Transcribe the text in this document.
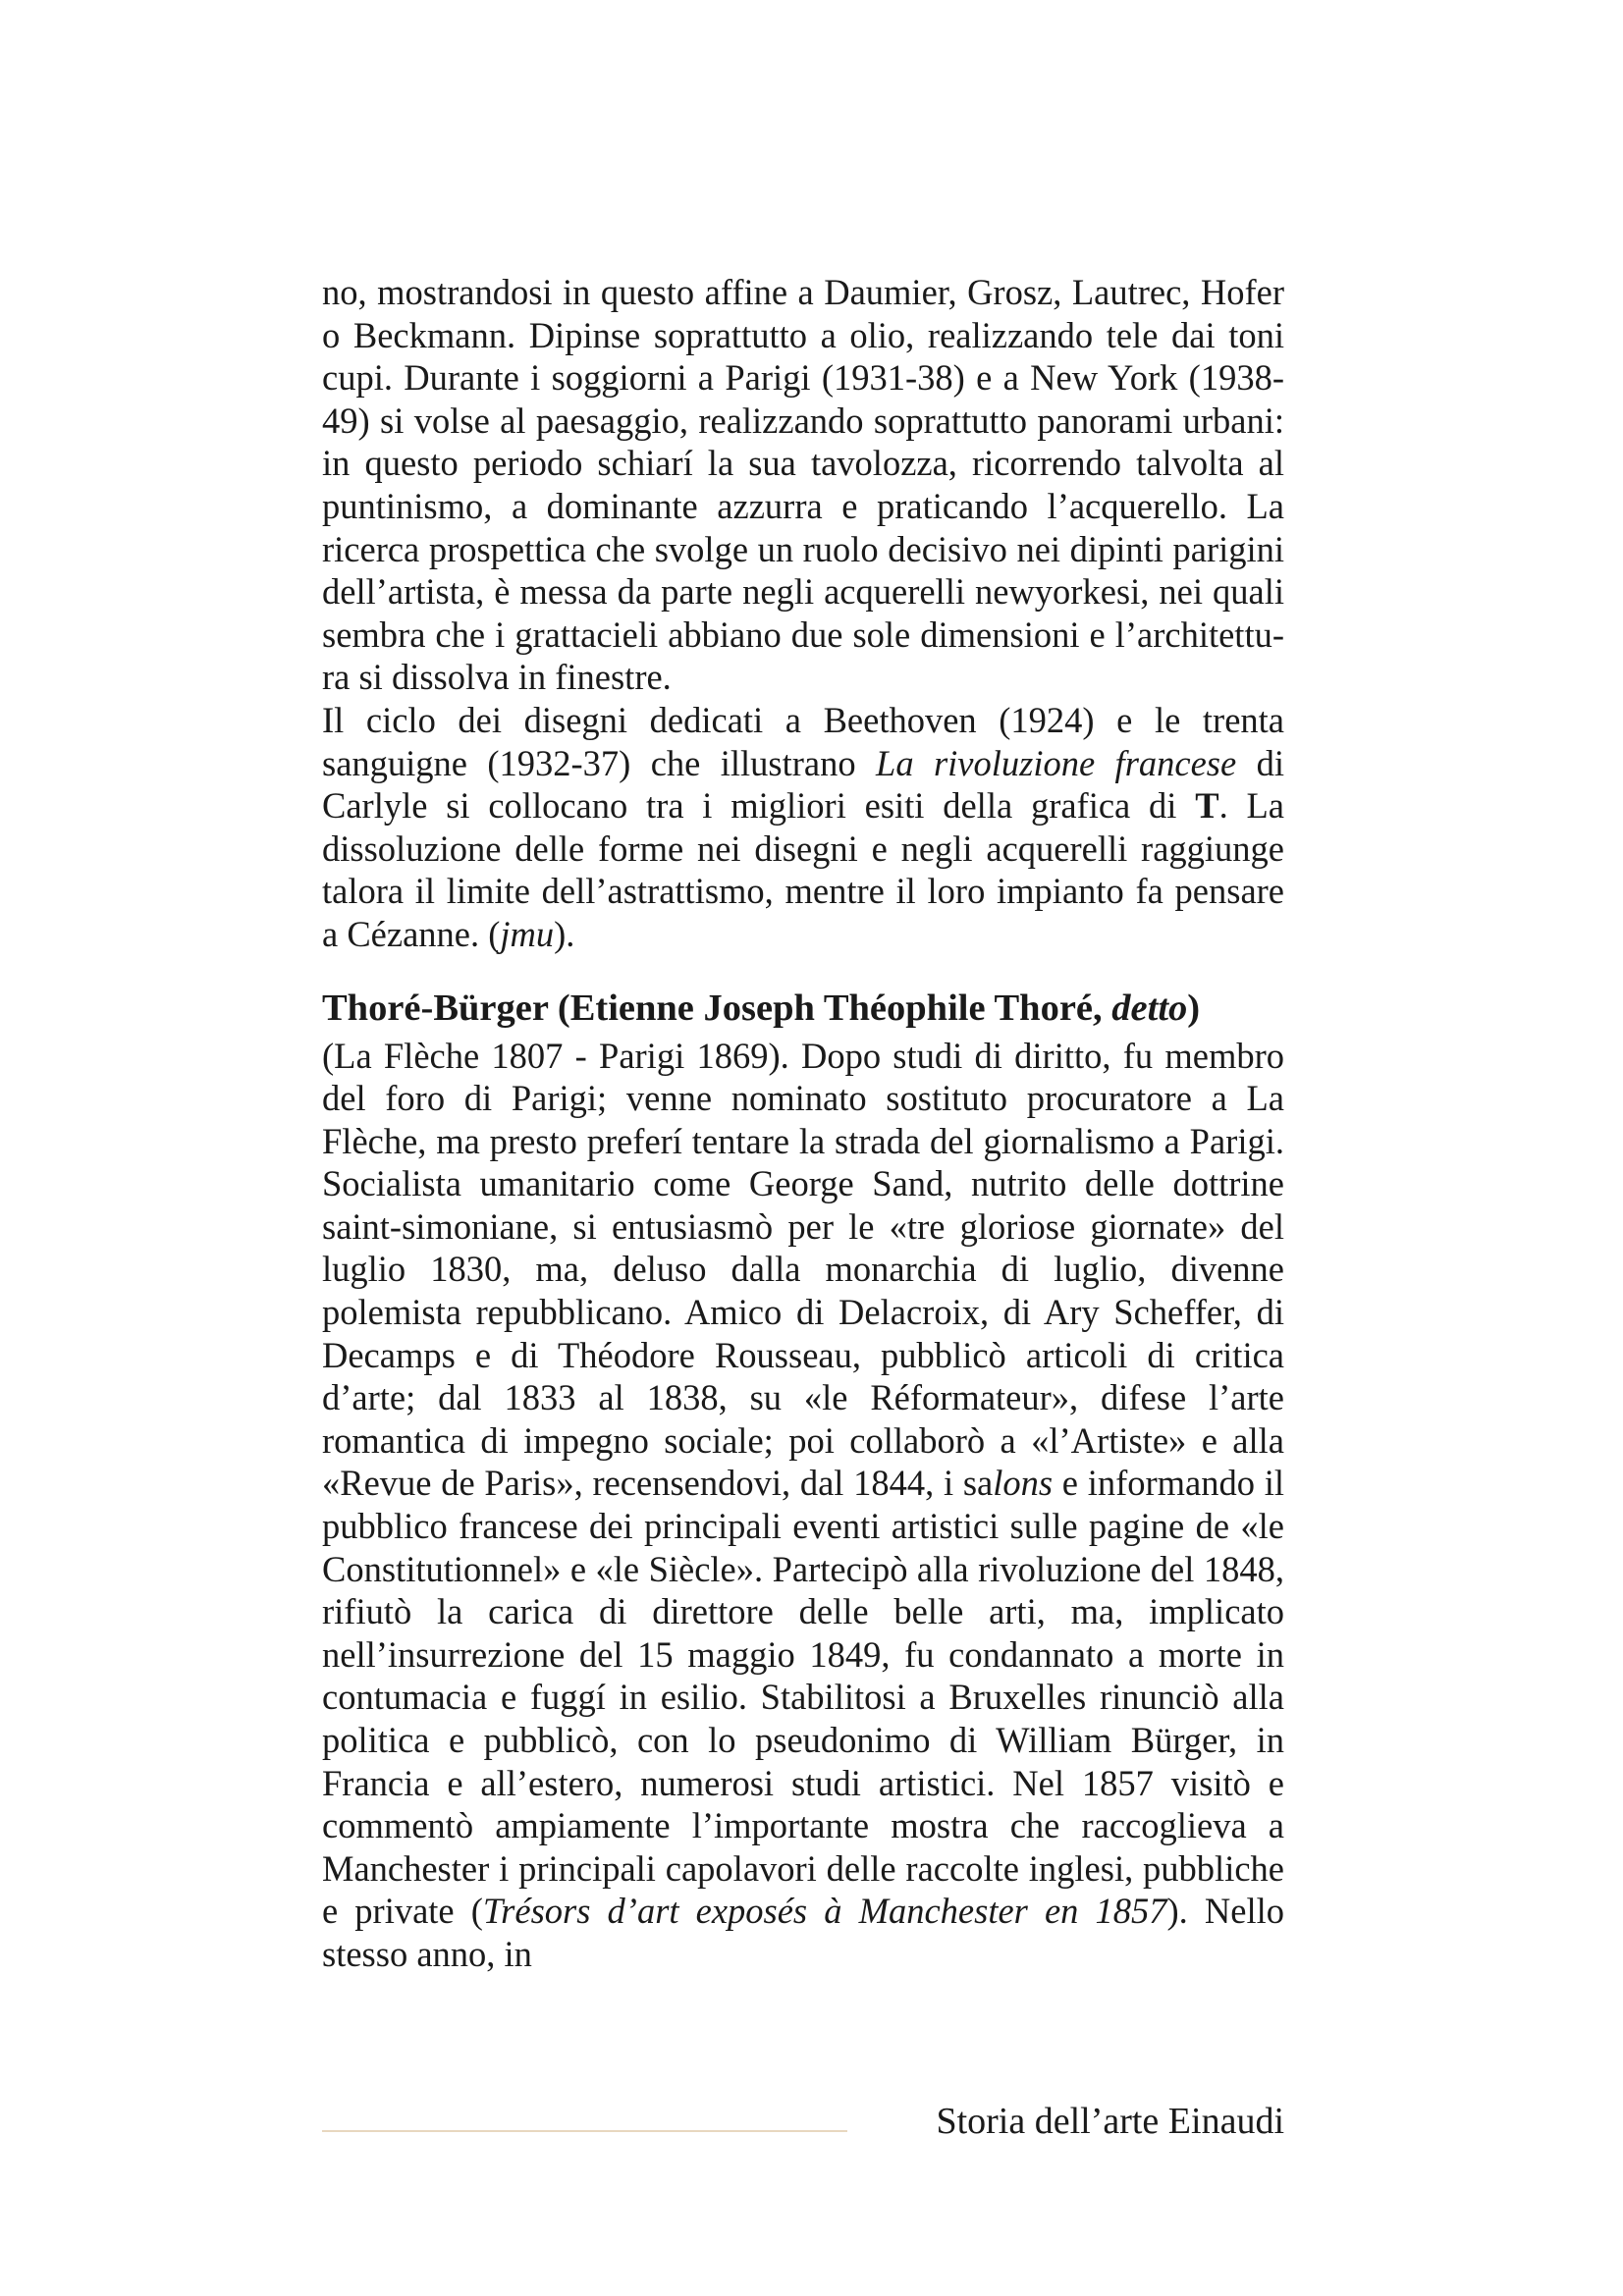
no, mostrandosi in questo affine a Daumier, Grosz, Lautrec, Hofer o Beckmann. Dipinse soprattutto a olio, realizzando tele dai toni cupi. Durante i soggiorni a Parigi (1931-38) e a New York (1938-49) si volse al paesaggio, realizzando soprattutto panorami urbani: in questo periodo schiarí la sua tavolozza, ricorrendo talvolta al puntinismo, a dominante azzurra e praticando l’acquerello. La ricerca prospettica che svolge un ruolo decisivo nei dipinti parigini dell’artista, è messa da parte negli acquerelli newyorkesi, nei quali sembra che i grattacieli abbiano due sole dimensioni e l’architettura si dissolva in finestre.

Il ciclo dei disegni dedicati a Beethoven (1924) e le trenta sanguigne (1932-37) che illustrano La rivoluzione francese di Carlyle si collocano tra i migliori esiti della grafica di T. La dissoluzione delle forme nei disegni e negli acquerelli raggiunge talora il limite dell’astrattismo, mentre il loro impianto fa pensare a Cézanne. (jmu).

Thoré-Bürger (Etienne Joseph Théophile Thoré, detto)

(La Flèche 1807 - Parigi 1869). Dopo studi di diritto, fu membro del foro di Parigi; venne nominato sostituto procuratore a La Flèche, ma presto preferí tentare la strada del giornalismo a Parigi. Socialista umanitario come George Sand, nutrito delle dottrine saint-simoniane, si entusiasmò per le «tre gloriose giornate» del luglio 1830, ma, deluso dalla monarchia di luglio, divenne polemista repubblicano. Amico di Delacroix, di Ary Scheffer, di Decamps e di Théodore Rousseau, pubblicò articoli di critica d’arte; dal 1833 al 1838, su «le Réformateur», difese l’arte romantica di impegno sociale; poi collaborò a «l’Artiste» e alla «Revue de Paris», recensendovi, dal 1844, i salons e informando il pubblico francese dei principali eventi artistici sulle pagine de «le Constitutionnel» e «le Siècle». Partecipò alla rivoluzione del 1848, rifiutò la carica di direttore delle belle arti, ma, implicato nell’insurrezione del 15 maggio 1849, fu condannato a morte in contumacia e fuggí in esilio. Stabilitosi a Bruxelles rinunciò alla politica e pubblicò, con lo pseudonimo di William Bürger, in Francia e all’estero, numerosi studi artistici. Nel 1857 visitò e commentò ampiamente l’importante mostra che raccoglieva a Manchester i principali capolavori delle raccolte inglesi, pubbliche e private (Trésors d’art exposés à Manchester en 1857). Nello stesso anno, in

Storia dell’arte Einaudi
